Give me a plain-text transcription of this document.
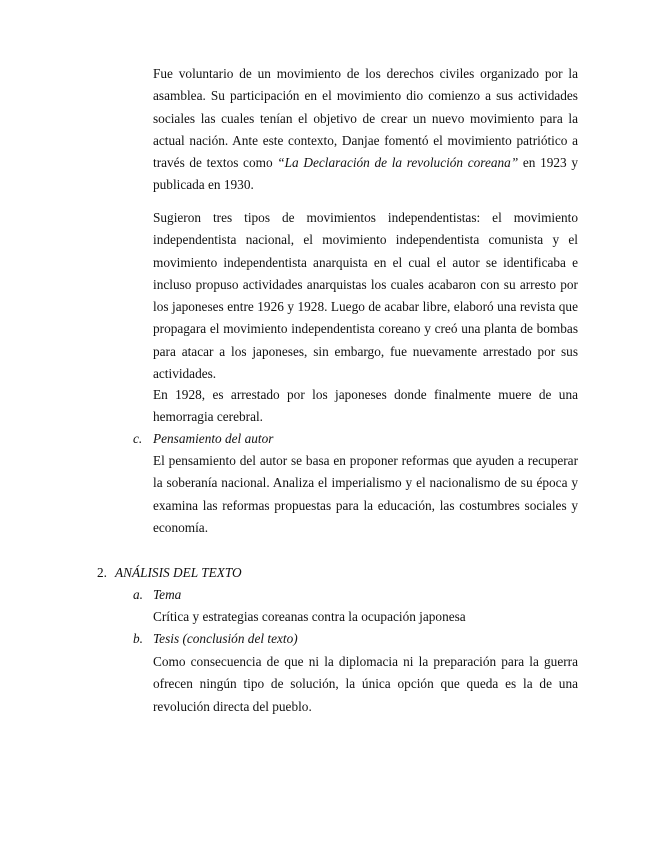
Fue voluntario de un movimiento de los derechos civiles organizado por la asamblea. Su participación en el movimiento dio comienzo a sus actividades sociales las cuales tenían el objetivo de crear un nuevo movimiento para la actual nación. Ante este contexto, Danjae fomentó el movimiento patriótico a través de textos como “La Declaración de la revolución coreana” en 1923 y publicada en 1930.

Sugieron tres tipos de movimientos independentistas: el movimiento independentista nacional, el movimiento independentista comunista y el movimiento independentista anarquista en el cual el autor se identificaba e incluso propuso actividades anarquistas los cuales acabaron con su arresto por los japoneses entre 1926 y 1928. Luego de acabar libre, elaboró una revista que propagara el movimiento independentista coreano y creó una planta de bombas para atacar a los japoneses, sin embargo, fue nuevamente arrestado por sus actividades.

En 1928, es arrestado por los japoneses donde finalmente muere de una hemorragia cerebral.

c. Pensamiento del autor

El pensamiento del autor se basa en proponer reformas que ayuden a recuperar la soberanía nacional. Analiza el imperialismo y el nacionalismo de su época y examina las reformas propuestas para la educación, las costumbres sociales y economía.

2. ANÁLISIS DEL TEXTO
a. Tema
Crítica y estrategias coreanas contra la ocupación japonesa
b. Tesis (conclusión del texto)

Como consecuencia de que ni la diplomacia ni la preparación para la guerra ofrecen ningún tipo de solución, la única opción que queda es la de una revolución directa del pueblo.
